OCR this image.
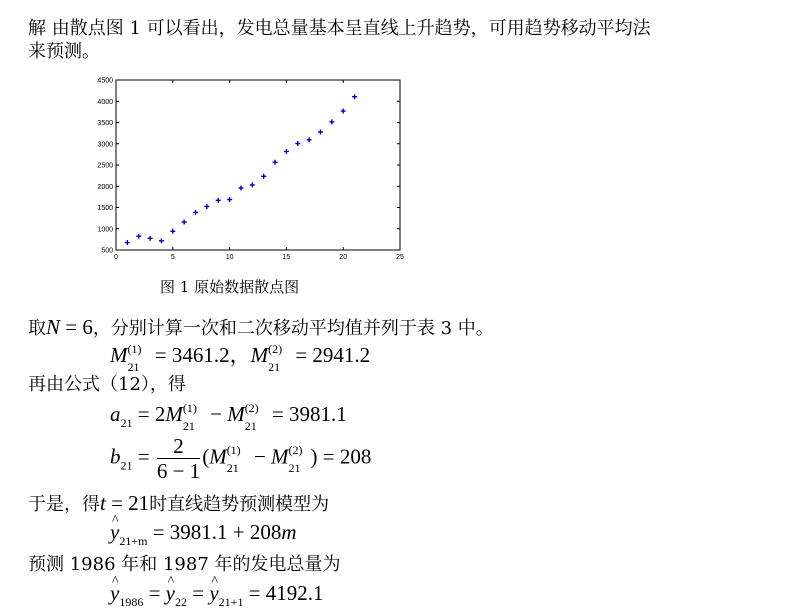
解 由散点图 1 可以看出，发电总量基本呈直线上升趋势，可用趋势移动平均法
来预测。
0	5	10	15	20	25
500
1000
1500
2000
2500
3000
3500
4000
4500
图 1 原始数据散点图
取N = 6，分别计算一次和二次移动平均值并列于表 3 中。
M (1)
21 = 3461.2，M (2)
21 = 2941.2
再由公式（12），得
$a_{21} = 2M$ (1)
21 − M (2)
21 = 3981.1
$b_{21} = \frac{2}{6 - 1} (M$ (1)
21 − M (2)
21 ) = 208
于是，得t = 21时直线趋势预测模型为
^ $y_{21+m} = 3981.1 + 208m$
预测 1986 年和 1987 年的发电总量为
^ $y_{1986}$ = ^ $y_{22}$ = ^ $y_{21+1} = 4192.1$
